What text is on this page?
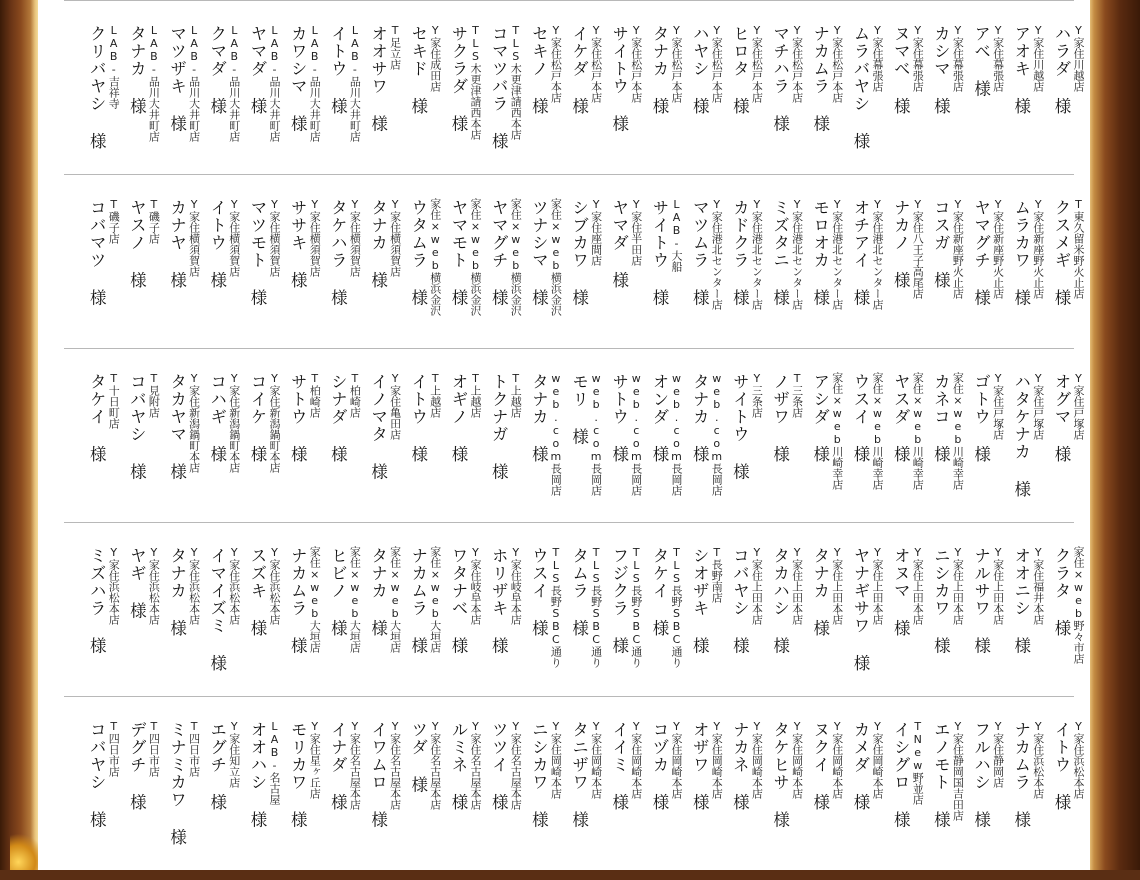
Y家住川越店
ハラダ 様
Y家住川越店
アオキ 様
Y家住幕張店
アベ 様
Y家住幕張店
カシマ 様
Y家住幕張店
ヌマベ 様
Y家住幕張店
ムラバヤシ 様
Y家住松戸本店
ナカムラ 様
Y家住松戸本店
マチハラ 様
Y家住松戸本店
ヒロタ 様
Y家住松戸本店
ハヤシ 様
Y家住松戸本店
タナカ 様
Y家住松戸本店
サイトウ 様
Y家住松戸本店
イケダ 様
Y家住松戸本店
セキノ 様
TLS木更津請西本店
コマツバラ 様
TLS木更津請西本店
サクラダ 様
Y家住成田店
セキド 様
T足立店
オオサワ 様
LAB-品川大井町店
イトウ 様
LAB-品川大井町店
カワシマ 様
LAB-品川大井町店
ヤマダ 様
LAB-品川大井町店
クマダ 様
LAB-品川大井町店
マツザキ 様
LAB-品川大井町店
タナカ 様
LAB-吉祥寺
クリバヤシ 様
T東久留米野火止店
クスメギ 様
Y家住新座野火止店
ムラカワ 様
Y家住新座野火止店
ヤマグチ 様
Y家住新座野火止店
コスガ 様
Y家住八王子高尾店
ナカノ 様
Y家住港北センター店
オチアイ 様
Y家住港北センター店
モロオカ 様
Y家住港北センター店
ミズタニ 様
Y家住港北センター店
カドクラ 様
Y家住港北センター店
マツムラ 様
LAB-大船
サイトウ 様
Y家住半田店
ヤマダ 様
Y家住座間店
シブカワ 様
家住×web横浜金沢
ツナシマ 様
家住×web横浜金沢
ヤマグチ 様
家住×web横浜金沢
ヤマモト 様
家住×web横浜金沢
ウタムラ 様
Y家住横須賀店
タナカ 様
Y家住横須賀店
タケハラ 様
Y家住横須賀店
ササキ 様
Y家住横須賀店
マツモト 様
Y家住横須賀店
イトウ 様
Y家住横須賀店
カナヤ 様
T磯子店
ヤスノ 様
T磯子店
コバマツ 様
Y家住戸塚店
オグマ 様
Y家住戸塚店
ハタケナカ 様
Y家住戸塚店
ゴトウ 様
家住×web川崎幸店
カネコ 様
家住×web川崎幸店
ヤスダ 様
家住×web川崎幸店
ウスイ 様
家住×web川崎幸店
アシダ 様
T三条店
ノザワ 様
Y三条店
サイトウ 様
web.com長岡店
タナカ 様
web.com長岡店
オンダ 様
web.com長岡店
サトウ 様
web.com長岡店
モリ 様
web.com長岡店
タナカ 様
T上越店
トクナガ 様
T上越店
オギノ 様
T上越店
イトウ 様
Y家住亀田店
イノマタ 様
T柏崎店
シナダ 様
T柏崎店
サトウ 様
Y家住新潟鍋町本店
コイケ 様
Y家住新潟鍋町本店
コハギ 様
Y家住新潟鍋町本店
タカヤマ 様
T見附店
コバヤシ 様
T十日町店
タケイ 様
家住×web野々市店
クラタ 様
Y家住福井本店
オオニシ 様
Y家住上田本店
ナルサワ 様
Y家住上田本店
ニシカワ 様
Y家住上田本店
オヌマ 様
Y家住上田本店
ヤナギサワ 様
Y家住上田本店
タナカ 様
Y家住上田本店
タカハシ 様
Y家住上田本店
コバヤシ 様
T長野南店
シオザキ 様
TLS長野SBC通り
タケイ 様
TLS長野SBC通り
フジクラ 様
TLS長野SBC通り
タムラ 様
TLS長野SBC通り
ウスイ 様
Y家住岐阜本店
ホリザキ 様
Y家住岐阜本店
ワタナベ 様
家住×web大垣店
ナカムラ 様
家住×web大垣店
タナカ 様
家住×web大垣店
ヒビノ 様
家住×web大垣店
ナカムラ 様
Y家住浜松本店
スズキ 様
Y家住浜松本店
イマイズミ 様
Y家住浜松本店
タナカ 様
Y家住浜松本店
ヤギ 様
Y家住浜松本店
ミズハラ 様
Y家住浜松本店
イトウ 様
Y家住浜松本店
ナカムラ 様
Y家住静岡店
フルハシ 様
Y家住静岡国吉田店
エノモト 様
TNew野並店
イシグロ 様
Y家住岡崎本店
カメダ 様
Y家住岡崎本店
ヌクイ 様
Y家住岡崎本店
タケヒサ 様
Y家住岡崎本店
ナカネ 様
Y家住岡崎本店
オザワ 様
Y家住岡崎本店
コヅカ 様
Y家住岡崎本店
イイミ 様
Y家住岡崎本店
タニザワ 様
Y家住岡崎本店
ニシカワ 様
Y家住名古屋本店
ツツイ 様
Y家住名古屋本店
ルミネ 様
Y家住名古屋本店
ツダ 様
Y家住名古屋本店
イワムロ 様
Y家住名古屋本店
イナダ 様
Y家住星ヶ丘店
モリカワ 様
LAB-名古屋
オオハシ 様
Y家住知立店
エグチ 様
T四日市店
ミナミカワ 様
T四日市店
デグチ 様
T四日市店
コバヤシ 様
